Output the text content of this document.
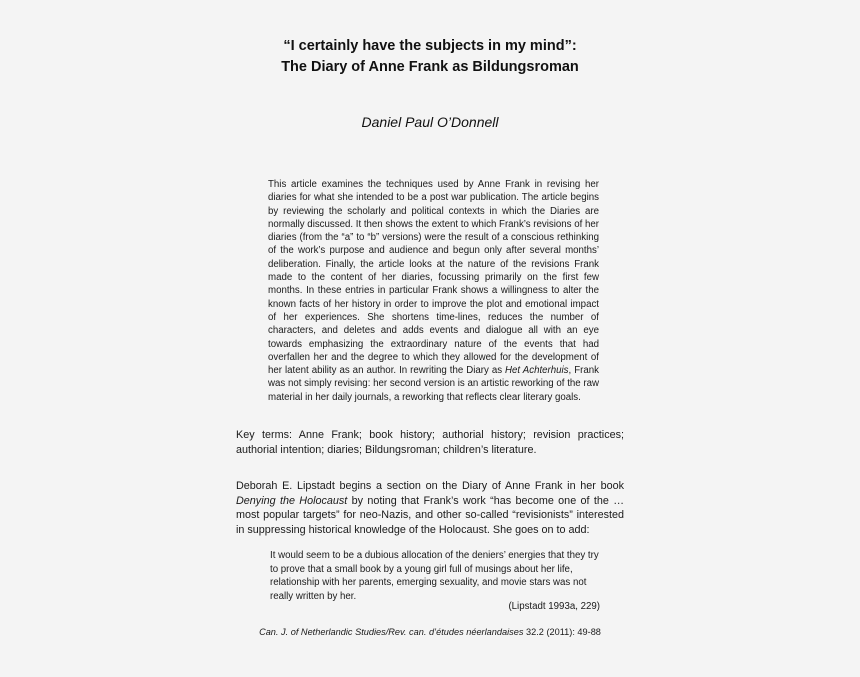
“I certainly have the subjects in my mind”:
The Diary of Anne Frank as Bildungsroman
Daniel Paul O’Donnell
This article examines the techniques used by Anne Frank in revising her diaries for what she intended to be a post war publication. The article begins by reviewing the scholarly and political contexts in which the Diaries are normally discussed. It then shows the extent to which Frank’s revisions of her diaries (from the “a” to “b” versions) were the result of a conscious rethinking of the work’s purpose and audience and begun only after several months’ deliberation. Finally, the article looks at the nature of the revisions Frank made to the content of her diaries, focussing primarily on the first few months. In these entries in particular Frank shows a willingness to alter the known facts of her history in order to improve the plot and emotional impact of her experiences. She shortens time-lines, reduces the number of characters, and deletes and adds events and dialogue all with an eye towards emphasizing the extraordinary nature of the events that had overfallen her and the degree to which they allowed for the development of her latent ability as an author. In rewriting the Diary as Het Achterhuis, Frank was not simply revising: her second version is an artistic reworking of the raw material in her daily journals, a reworking that reflects clear literary goals.
Key terms: Anne Frank; book history; authorial history; revision practices; authorial intention; diaries; Bildungsroman; children’s literature.
Deborah E. Lipstadt begins a section on the Diary of Anne Frank in her book Denying the Holocaust by noting that Frank’s work “has become one of the … most popular targets” for neo-Nazis, and other so-called “revisionists” interested in suppressing historical knowledge of the Holocaust. She goes on to add:
It would seem to be a dubious allocation of the deniers’ energies that they try to prove that a small book by a young girl full of musings about her life, relationship with her parents, emerging sexuality, and movie stars was not really written by her.
(Lipstadt 1993a, 229)
Can. J. of Netherlandic Studies/Rev. can. d’études néerlandaises 32.2 (2011): 49-88
